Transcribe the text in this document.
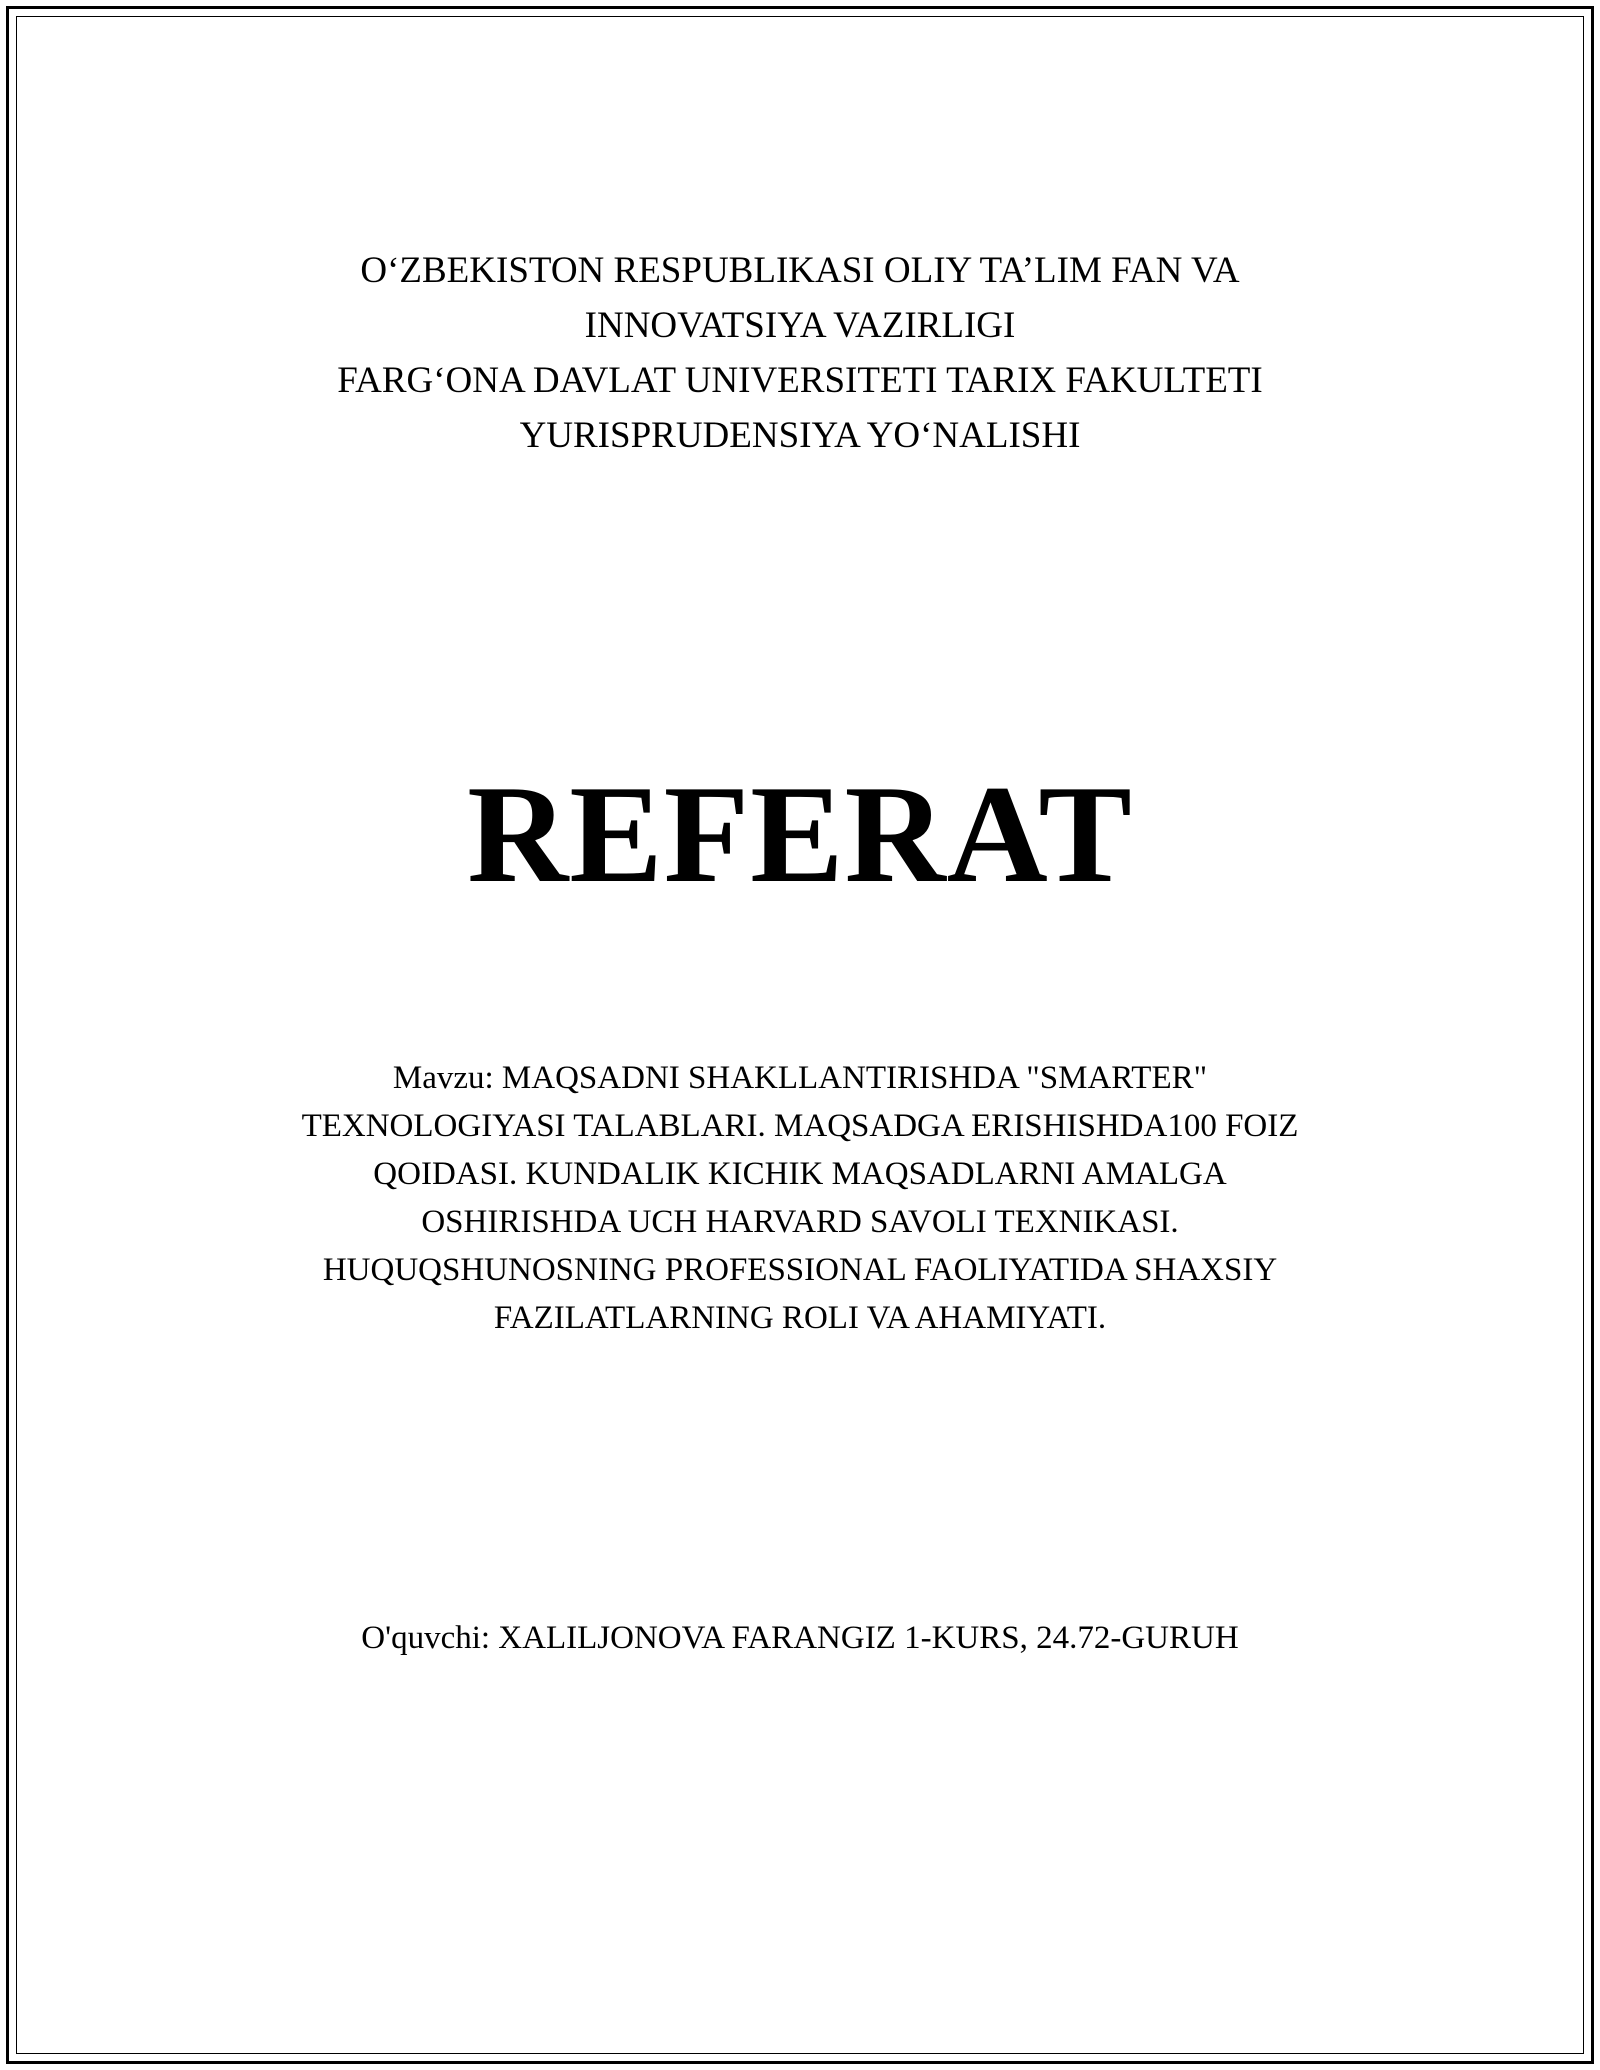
O‘ZBEKISTON RESPUBLIKASI OLIY TA’LIM FAN VA
INNOVATSIYA VAZIRLIGI
FARG‘ONA DAVLAT UNIVERSITETI TARIX FAKULTETI
YURISPRUDENSIYA YO‘NALISHI
REFERAT
Mavzu: MAQSADNI SHAKLLANTIRISHDA "SMARTER"
TEXNOLOGIYASI TALABLARI. MAQSADGA ERISHISHDA100 FOIZ
QOIDASI. KUNDALIK KICHIK MAQSADLARNI AMALGA
OSHIRISHDA UCH HARVARD SAVOLI TEXNIKASI.
HUQUQSHUNOSNING PROFESSIONAL FAOLIYATIDA SHAXSIY
FAZILATLARNING ROLI VA AHAMIYATI.
O'quvchi: XALILJONOVA FARANGIZ 1-KURS, 24.72-GURUH
